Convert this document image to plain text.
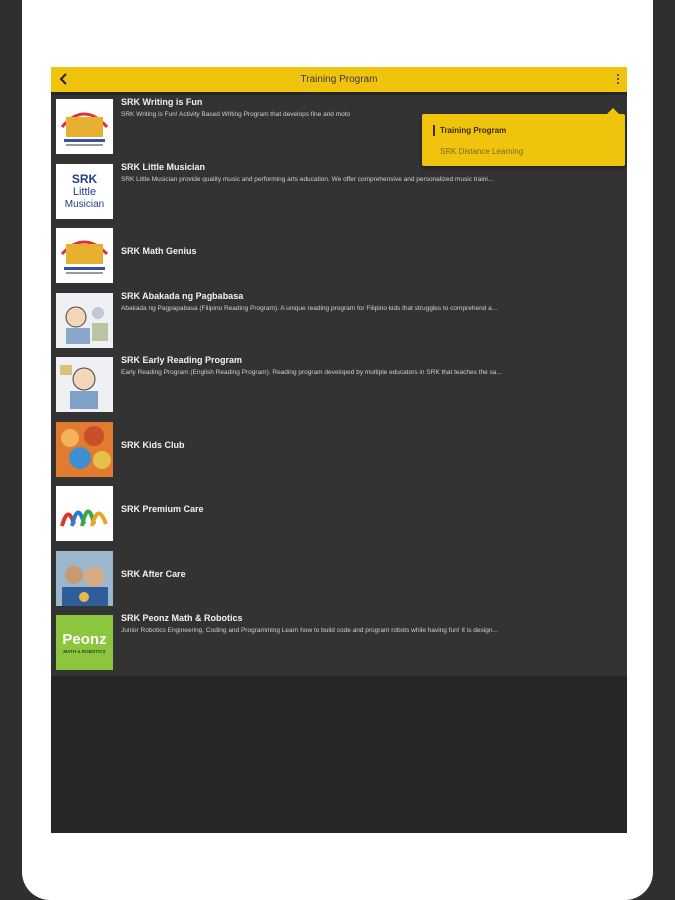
Training Program
SRK Writing is Fun
SRK Writing is Fun! Activity Based Writing Program that develops fine and moto
SRK
Little
Musician
SRK Little Musician
SRK Little Musician provide quality music and performing arts education. We offer comprehensive and personalized music traini...
SRK Math Genius
SRK Abakada ng Pagbabasa
Abakada ng Pagpapabasa (Filipino Reading Program). A unique reading program for Filipino kids that struggles to comprehend a...
SRK Early Reading Program
Early Reading Program (English Reading Program). Reading program developed by multiple educators in SRK that teaches the sa...
SRK Kids Club
SRK Premium Care
SRK After Care
Peonz
MATH & ROBOTICS
SRK Peonz Math & Robotics
Junior Robotics Engineering, Coding and Programming Learn how to build code and program robots while having fun! It is design...
Training Program
SRK Distance Learning
